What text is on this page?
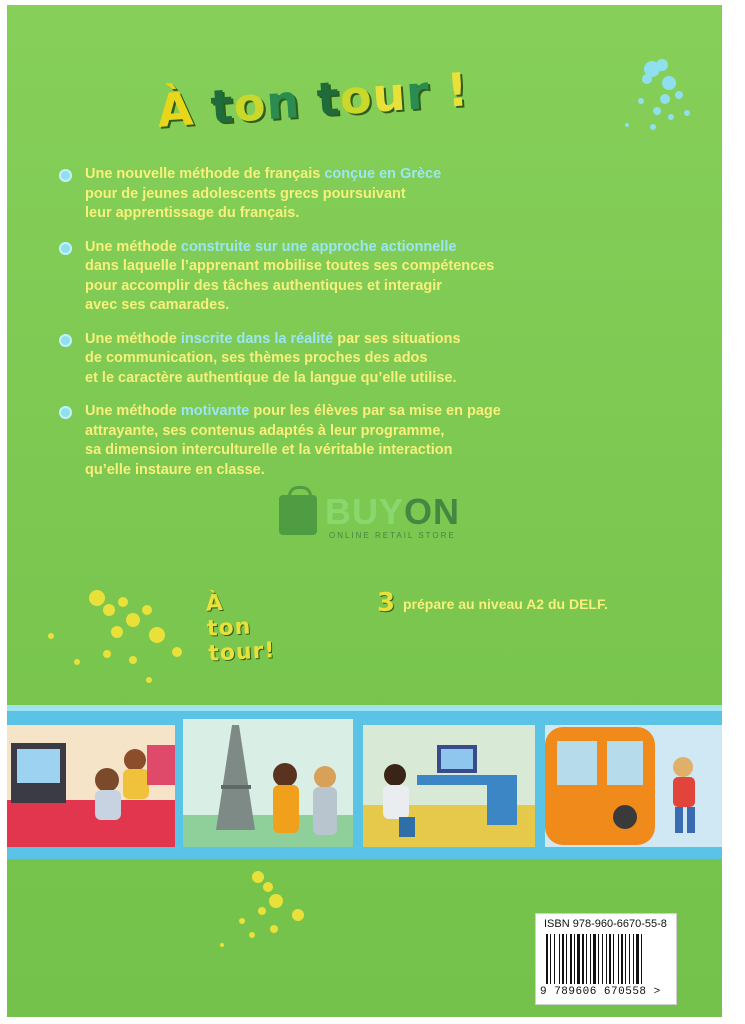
À ton tour !
Une nouvelle méthode de français conçue en Grèce
pour de jeunes adolescents grecs poursuivant
leur apprentissage du français.
Une méthode construite sur une approche actionnelle
dans laquelle l’apprenant mobilise toutes ses compétences
pour accomplir des tâches authentiques et interagir
avec ses camarades.
Une méthode inscrite dans la réalité par ses situations
de communication, ses thèmes proches des ados
et le caractère authentique de la langue qu’elle utilise.
Une méthode motivante pour les élèves par sa mise en page
attrayante, ses contenus adaptés à leur programme,
sa dimension interculturelle et la véritable interaction
qu’elle instaure en classe.
BUYON
ONLINE RETAIL STORE
À ton tour!
3 prépare au niveau A2 du DELF.
ISBN 978-960-6670-55-8
9 789606 670558 >
